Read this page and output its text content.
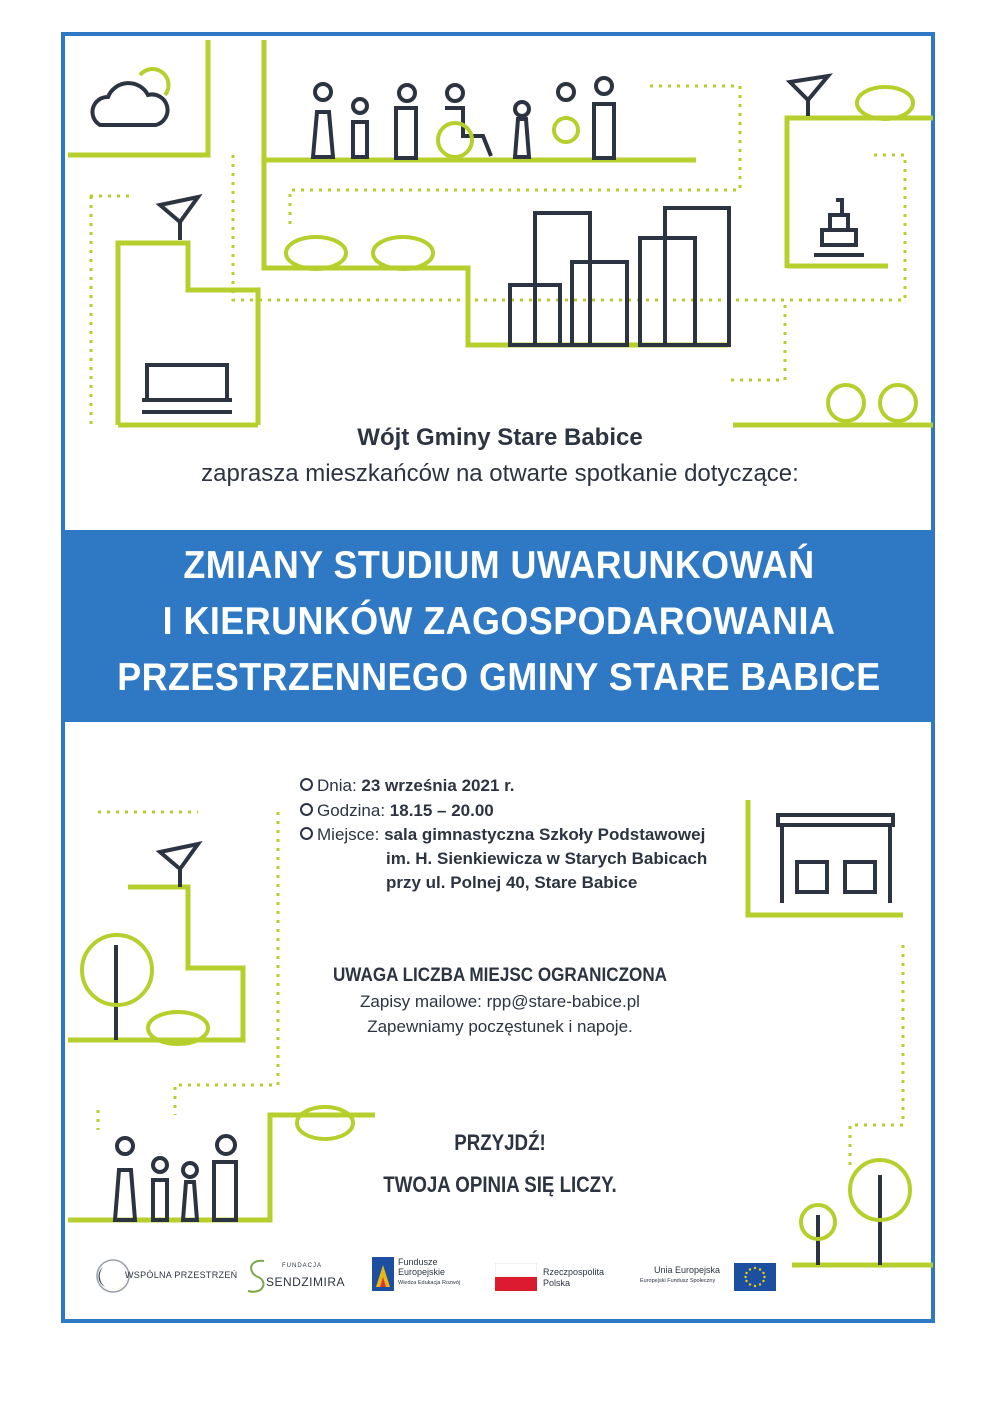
Wójt Gminy Stare Babice
zaprasza mieszkańców na otwarte spotkanie dotyczące:
ZMIANY STUDIUM UWARUNKOWAŃ
I KIERUNKÓW ZAGOSPODAROWANIA
PRZESTRZENNEGO GMINY STARE BABICE
Dnia: 23 września 2021 r.
Godzina: 18.15 – 20.00
Miejsce: sala gimnastyczna Szkoły Podstawowej
im. H. Sienkiewicza w Starych Babicach
przy ul. Polnej 40, Stare Babice
UWAGA LICZBA MIEJSC OGRANICZONA
Zapisy mailowe: rpp@stare-babice.pl
Zapewniamy poczęstunek i napoje.
PRZYJDŹ!
TWOJA OPINIA SIĘ LICZY.
WSPÓLNA PRZESTRZEŃ
FUNDACJA
SENDZIMIRA
Fundusze
Europejskie
Wiedza Edukacja Rozwój
Rzeczpospolita
Polska
Unia Europejska
Europejski Fundusz Społeczny
